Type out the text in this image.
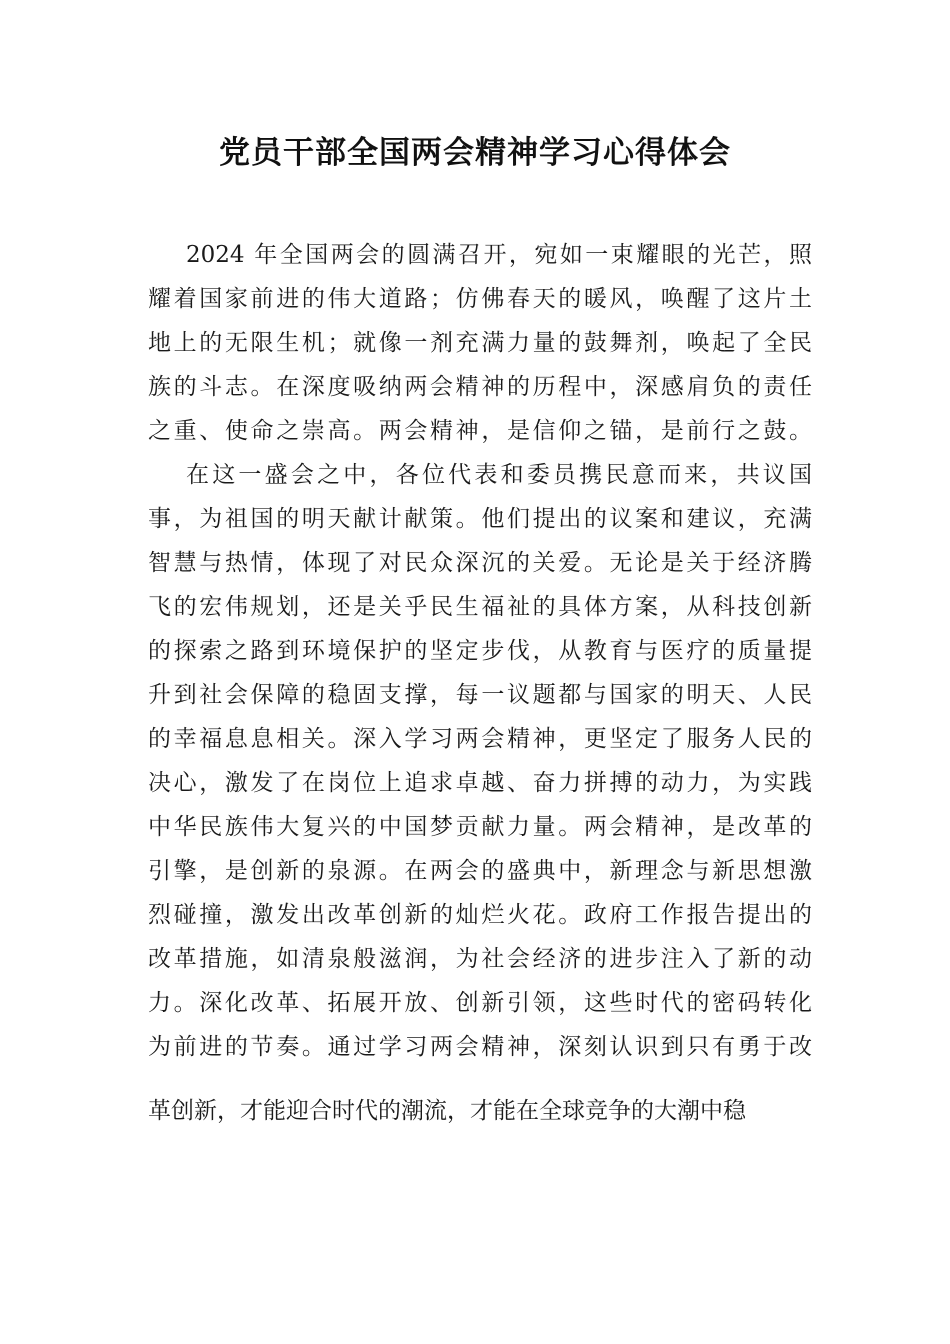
党员干部全国两会精神学习心得体会

2024 年全国两会的圆满召开，宛如一束耀眼的光芒，照

耀着国家前进的伟大道路；仿佛春天的暖风，唤醒了这片土

地上的无限生机；就像一剂充满力量的鼓舞剂，唤起了全民

族的斗志。在深度吸纳两会精神的历程中，深感肩负的责任

之重、使命之崇高。两会精神，是信仰之锚，是前行之鼓。

在这一盛会之中，各位代表和委员携民意而来，共议国

事，为祖国的明天献计献策。他们提出的议案和建议，充满

智慧与热情，体现了对民众深沉的关爱。无论是关于经济腾

飞的宏伟规划，还是关乎民生福祉的具体方案，从科技创新

的探索之路到环境保护的坚定步伐，从教育与医疗的质量提

升到社会保障的稳固支撑，每一议题都与国家的明天、人民

的幸福息息相关。深入学习两会精神，更坚定了服务人民的

决心，激发了在岗位上追求卓越、奋力拼搏的动力，为实践

中华民族伟大复兴的中国梦贡献力量。两会精神，是改革的

引擎，是创新的泉源。在两会的盛典中，新理念与新思想激

烈碰撞，激发出改革创新的灿烂火花。政府工作报告提出的

改革措施，如清泉般滋润，为社会经济的进步注入了新的动

力。深化改革、拓展开放、创新引领，这些时代的密码转化

为前进的节奏。通过学习两会精神，深刻认识到只有勇于改

革创新，才能迎合时代的潮流，才能在全球竞争的大潮中稳
